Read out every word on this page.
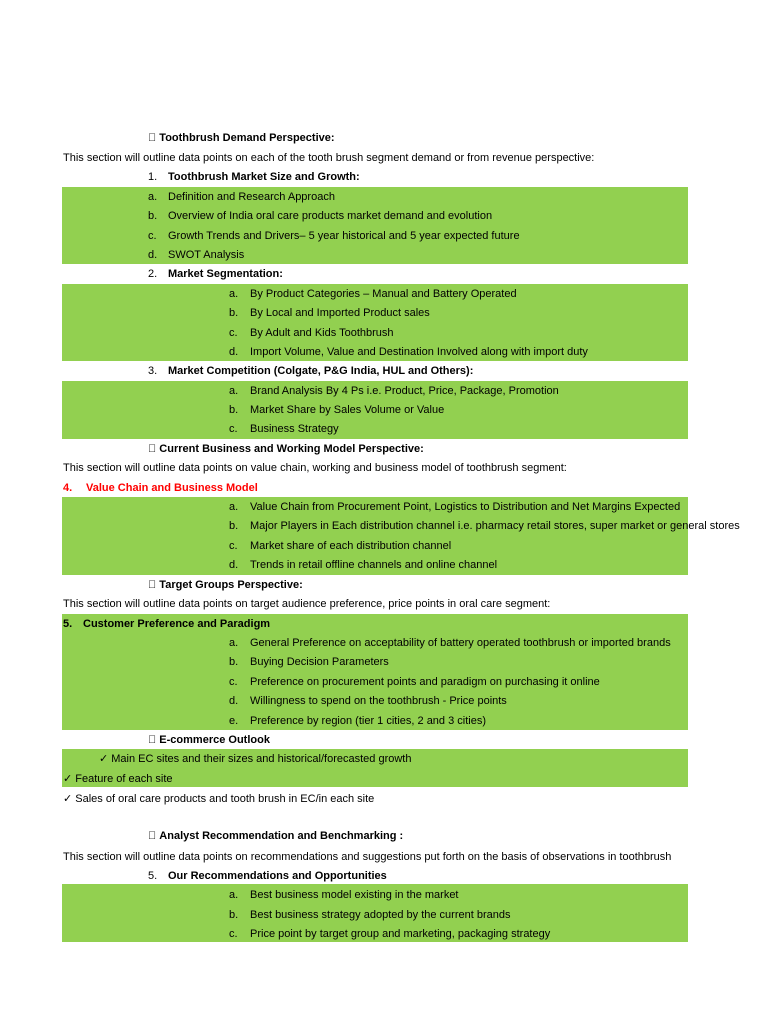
Toothbrush Demand Perspective:
This section will outline data points on each of the tooth brush segment demand or from revenue perspective:
1. Toothbrush Market Size and Growth:
a. Definition and Research Approach
b. Overview of India oral care products market demand and evolution
c. Growth Trends and Drivers– 5 year historical and 5 year expected future
d. SWOT Analysis
2. Market Segmentation:
a. By Product Categories – Manual and Battery Operated
b. By Local and Imported Product sales
c. By Adult and Kids Toothbrush
d. Import Volume, Value and Destination Involved along with import duty
3. Market Competition (Colgate, P&G India, HUL and Others):
a. Brand Analysis By 4 Ps i.e. Product, Price, Package, Promotion
b. Market Share by Sales Volume or Value
c. Business Strategy
Current Business and Working Model Perspective:
This section will outline data points on value chain, working and business model of toothbrush segment:
4. Value Chain and Business Model
a. Value Chain from Procurement Point, Logistics to Distribution and Net Margins Expected
b. Major Players in Each distribution channel i.e. pharmacy retail stores, super market or general stores
c. Market share of each distribution channel
d. Trends in retail offline channels and online channel
Target Groups Perspective:
This section will outline data points on target audience preference, price points in oral care segment:
5. Customer Preference and Paradigm
a. General Preference on acceptability of battery operated toothbrush or imported brands
b. Buying Decision Parameters
c. Preference on procurement points and paradigm on purchasing it online
d. Willingness to spend on the toothbrush - Price points
e. Preference by region (tier 1 cities, 2 and 3 cities)
E-commerce Outlook
✓ Main EC sites and their sizes and historical/forecasted growth
✓ Feature of each site
✓ Sales of oral care products and tooth brush in EC/in each site
Analyst Recommendation and Benchmarking :
This section will outline data points on recommendations and suggestions put forth on the basis of observations in toothbrush
5. Our Recommendations and Opportunities
a. Best business model existing in the market
b. Best business strategy adopted by the current brands
c. Price point by target group and marketing, packaging strategy
